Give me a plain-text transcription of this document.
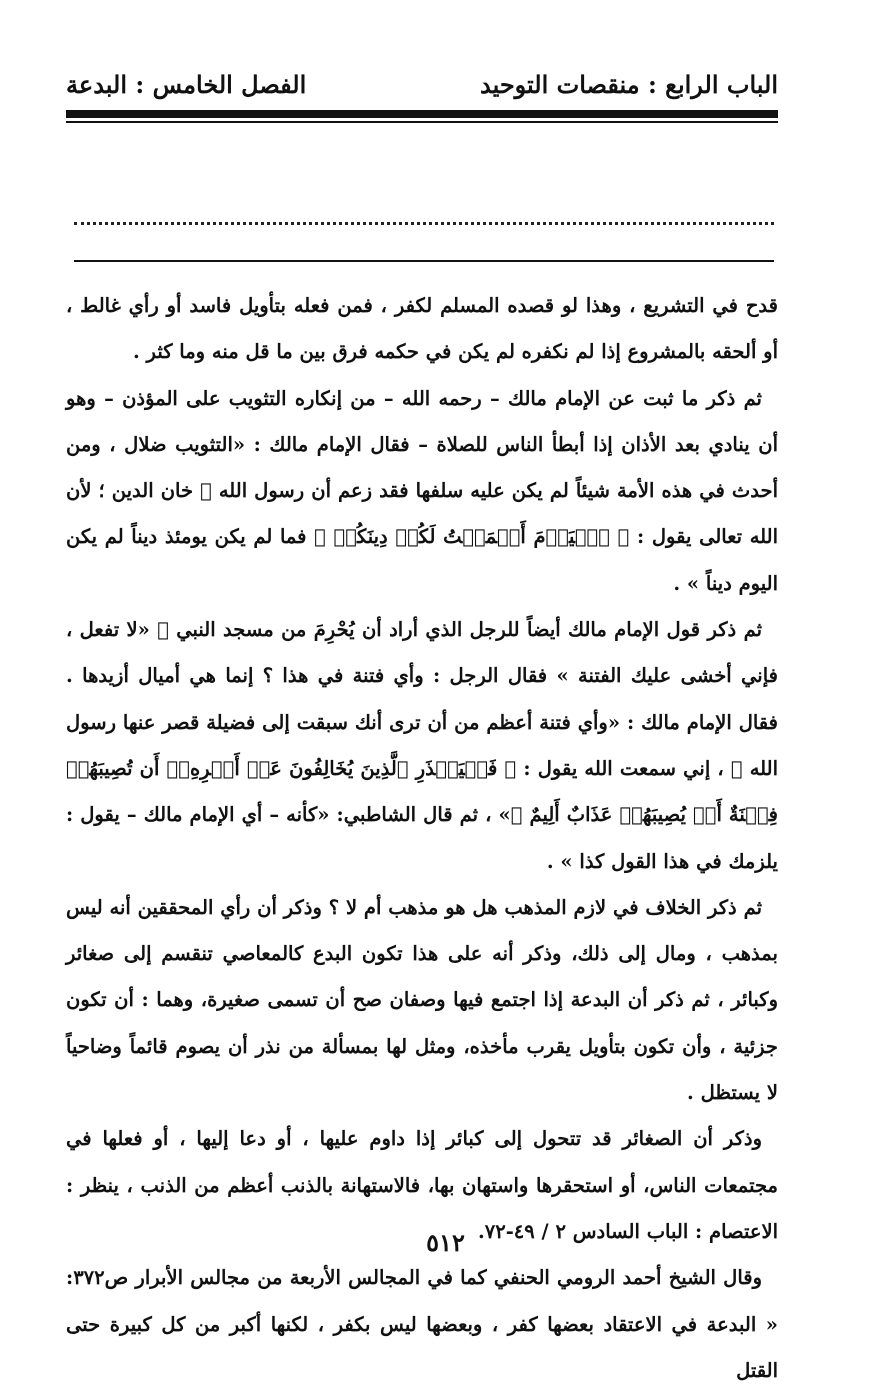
الفصل الخامس : البدعة	الباب الرابع : منقصات التوحيد

قدح في التشريع ، وهذا لو قصده المسلم لكفر ، فمن فعله بتأويل فاسد أو رأي غالط ، أو ألحقه بالمشروع إذا لم نكفره لم يكن في حكمه فرق بين ما قل منه وما كثر .

ثم ذكر ما ثبت عن الإمام مالك – رحمه الله – من إنكاره التثويب على المؤذن – وهو أن ينادي بعد الأذان إذا أبطأ الناس للصلاة – فقال الإمام مالك : «التثويب ضلال ، ومن أحدث في هذه الأمة شيئاً لم يكن عليه سلفها فقد زعم أن رسول الله ﷺ خان الدين ؛ لأن الله تعالى يقول : ﴿ ٱلۡيَوۡمَ أَكۡمَلۡتُ لَكُمۡ دِينَكُمۡ ﴾ فما لم يكن يومئذ ديناً لم يكن اليوم ديناً » .

ثم ذكر قول الإمام مالك أيضاً للرجل الذي أراد أن يُحْرِمَ من مسجد النبي ﷺ «لا تفعل ، فإني أخشى عليك الفتنة » فقال الرجل : وأي فتنة في هذا ؟ إنما هي أميال أزيدها . فقال الإمام مالك : «وأي فتنة أعظم من أن ترى أنك سبقت إلى فضيلة قصر عنها رسول الله ﷺ ، إني سمعت الله يقول : ﴿ فَلۡيَحۡذَرِ ٱلَّذِينَ يُخَالِفُونَ عَنۡ أَمۡرِهِۦٓ أَن تُصِيبَهُمۡ فِتۡنَةٌ أَوۡ يُصِيبَهُمۡ عَذَابٌ أَلِيمٌ ﴾» ، ثم قال الشاطبي: «كأنه – أي الإمام مالك – يقول : يلزمك في هذا القول كذا » .

ثم ذكر الخلاف في لازم المذهب هل هو مذهب أم لا ؟ وذكر أن رأي المحققين أنه ليس بمذهب ، ومال إلى ذلك، وذكر أنه على هذا تكون البدع كالمعاصي تنقسم إلى صغائر وكبائر ، ثم ذكر أن البدعة إذا اجتمع فيها وصفان صح أن تسمى صغيرة، وهما : أن تكون جزئية ، وأن تكون بتأويل يقرب مأخذه، ومثل لها بمسألة من نذر أن يصوم قائماً وضاحياً لا يستظل .

وذكر أن الصغائر قد تتحول إلى كبائر إذا داوم عليها ، أو دعا إليها ، أو فعلها في مجتمعات الناس، أو استحقرها واستهان بها، فالاستهانة بالذنب أعظم من الذنب ، ينظر : الاعتصام : الباب السادس ٢ / ٤٩-٧٢.

وقال الشيخ أحمد الرومي الحنفي كما في المجالس الأربعة من مجالس الأبرار ص٣٧٢: « البدعة في الاعتقاد بعضها كفر ، وبعضها ليس بكفر ، لكنها أكبر من كل كبيرة حتى القتل

٥١٢
